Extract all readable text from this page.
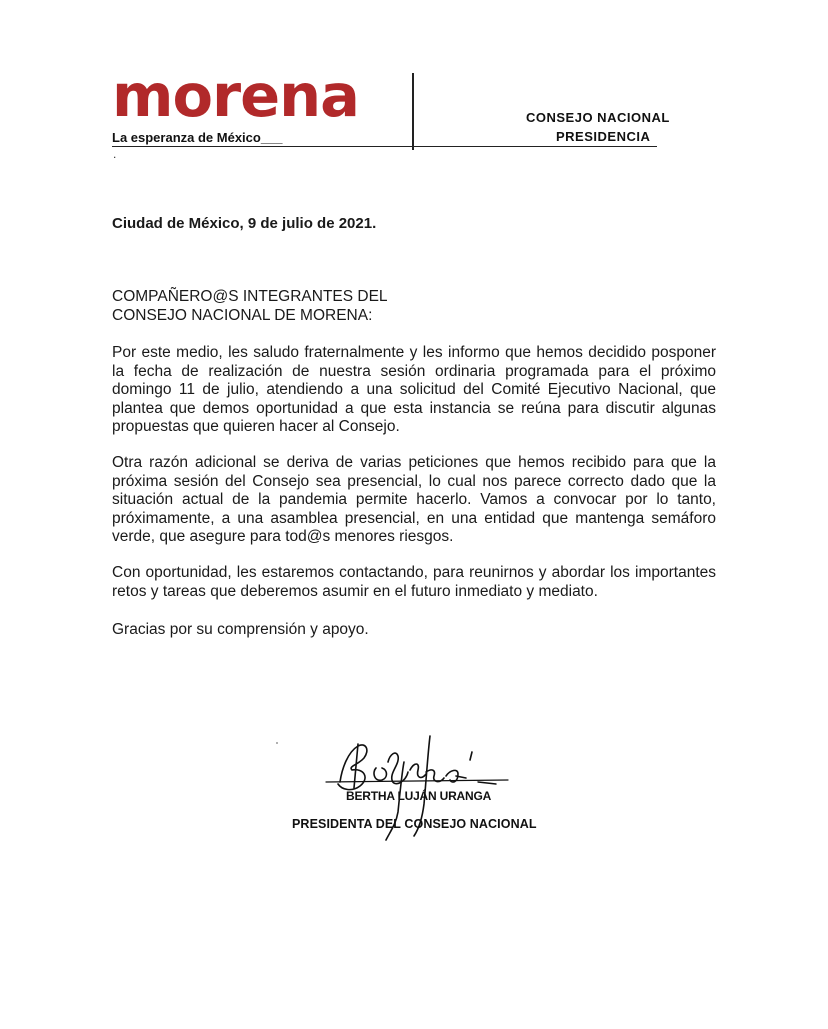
morena
La esperanza de México___
CONSEJO NACIONAL
PRESIDENCIA
.
Ciudad de México, 9 de julio de 2021.
COMPAÑERO@S INTEGRANTES DEL
CONSEJO NACIONAL DE MORENA:

Por este medio, les saludo fraternalmente y les informo que hemos decidido posponer la fecha de realización de nuestra sesión ordinaria programada para el próximo domingo 11 de julio, atendiendo a una solicitud del Comité Ejecutivo Nacional, que plantea que demos oportunidad a que esta instancia se reúna para discutir algunas propuestas que quieren hacer al Consejo.

Otra razón adicional se deriva de varias peticiones que hemos recibido para que la próxima sesión del Consejo sea presencial, lo cual nos parece correcto dado que la situación actual de la pandemia permite hacerlo. Vamos a convocar por lo tanto, próximamente, a una asamblea presencial, en una entidad que mantenga semáforo verde, que asegure para tod@s menores riesgos.

Con oportunidad, les estaremos contactando, para reunirnos y abordar los importantes retos y tareas que deberemos asumir en el futuro inmediato y mediato.

Gracias por su comprensión y apoyo.

BERTHA LUJÁN URANGA
PRESIDENTA DEL CONSEJO NACIONAL
